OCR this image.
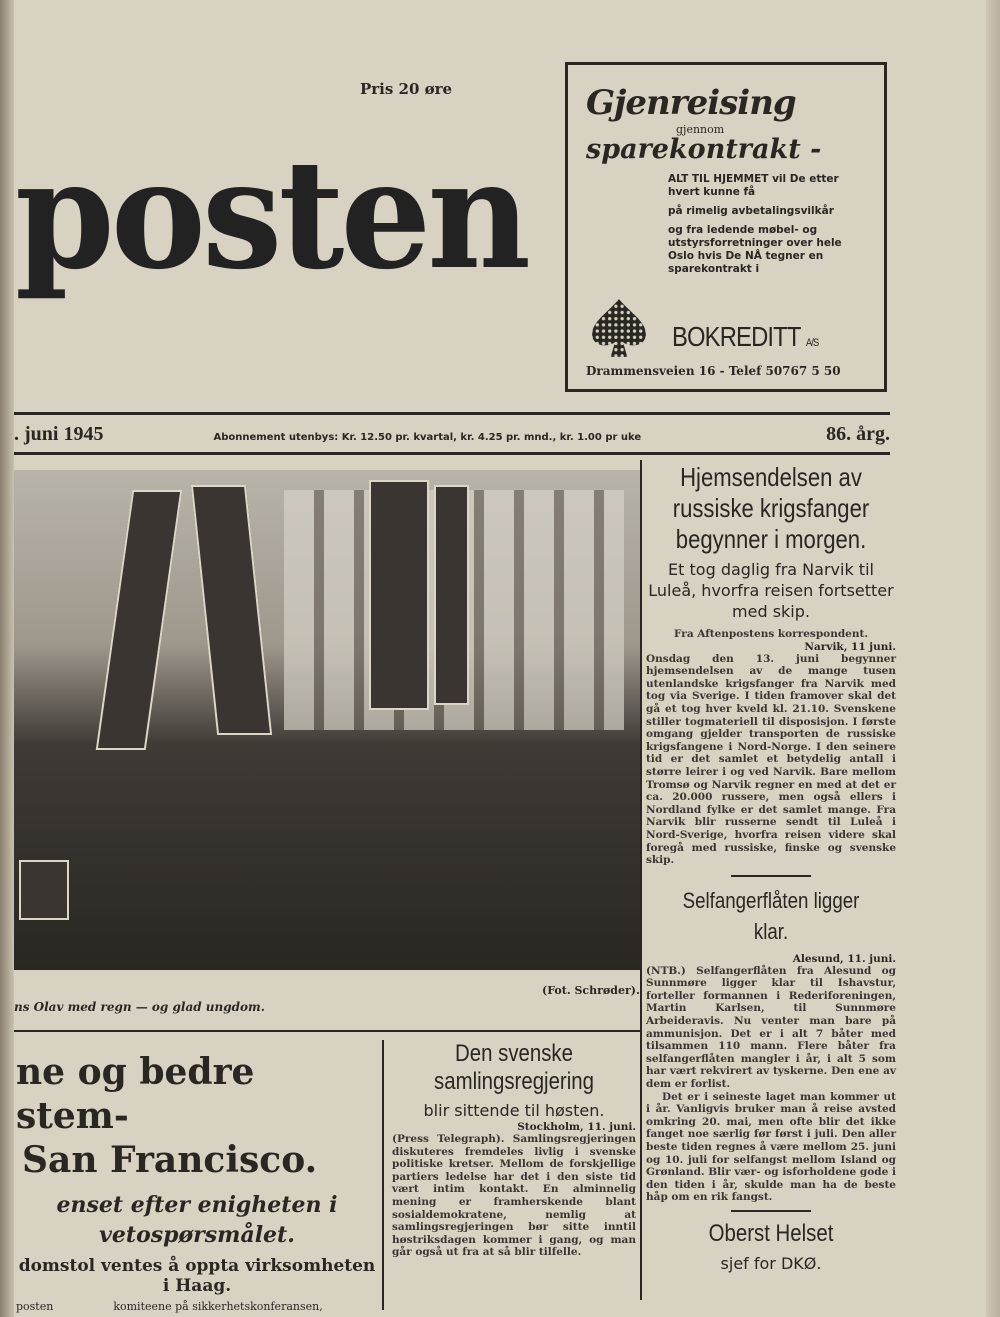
Pris 20 øre
posten
Gjenreising
gjennom
sparekontrakt -

ALT TIL HJEMMET vil De etter hvert kunne få

på rimelig avbetalingsvilkår

og fra ledende møbel- og utstyrsforretninger over hele Oslo hvis De NÅ tegner en sparekontrakt i

BOKREDITT A/S
Drammensveien 16 - Telef 50767 5 50
. juni 1945	Abonnement utenbys: Kr. 12.50 pr. kvartal, kr. 4.25 pr. mnd., kr. 1.00 pr uke	86. årg.
(Fot. Schrøder).
ns Olav med regn — og glad ungdom.
Hjemsendelsen av russiske krigsfanger begynner i morgen.
Et tog daglig fra Narvik til Luleå, hvorfra reisen fortsetter med skip.
Fra Aftenpostens korrespondent.
Narvik, 11 juni.
Onsdag den 13. juni begynner hjemsendelsen av de mange tusen utenlandske krigsfanger fra Narvik med tog via Sverige. I tiden framover skal det gå et tog hver kveld kl. 21.10. Svenskene stiller togmateriell til disposisjon. I første omgang gjelder transporten de russiske krigsfangene i Nord-Norge. I den seinere tid er det samlet et betydelig antall i større leirer i og ved Narvik. Bare mellom Tromsø og Narvik regner en med at det er ca. 20.000 russere, men også ellers i Nordland fylke er det samlet mange. Fra Narvik blir russerne sendt til Luleå i Nord-Sverige, hvorfra reisen videre skal foregå med russiske, finske og svenske skip.
Selfangerflåten ligger klar.
Alesund, 11. juni.
(NTB.) Selfangerflåten fra Alesund og Sunnmøre ligger klar til Ishavstur, forteller formannen i Rederiforeningen, Martin Karlsen, til Sunnmøre Arbeideravis. Nu venter man bare på ammunisjon. Det er i alt 7 båter med tilsammen 110 mann. Flere båter fra selfangerflåten mangler i år, i alt 5 som har vært rekvirert av tyskerne. Den ene av dem er forlist.
Det er i seineste laget man kommer ut i år. Vanligvis bruker man å reise avsted omkring 20. mai, men ofte blir det ikke fanget noe særlig før først i juli. Den aller beste tiden regnes å være mellom 25. juni og 10. juli for selfangst mellom Island og Grønland. Blir vær- og isforholdene gode i den tiden i år, skulde man ha de beste håp om en rik fangst.
Oberst Helset
sjef for DKØ.
Den svenske samlingsregjering
blir sittende til høsten.
Stockholm, 11. juni.
(Press Telegraph). Samlingsregjeringen diskuteres fremdeles livlig i svenske politiske kretser. Mellom de forskjellige partiers ledelse har det i den siste tid vært intim kontakt. En alminnelig mening er framherskende blant sosialdemokratene, nemlig at samlingsregjeringen bør sitte inntil høstriksdagen kommer i gang, og man går også ut fra at så blir tilfelle.
ne og bedre stem-
San Francisco.
enset efter enigheten i vetospørsmålet.
domstol ventes å oppta virksomheten i Haag.
posten	komiteene på sikkerhetskonferansen,
